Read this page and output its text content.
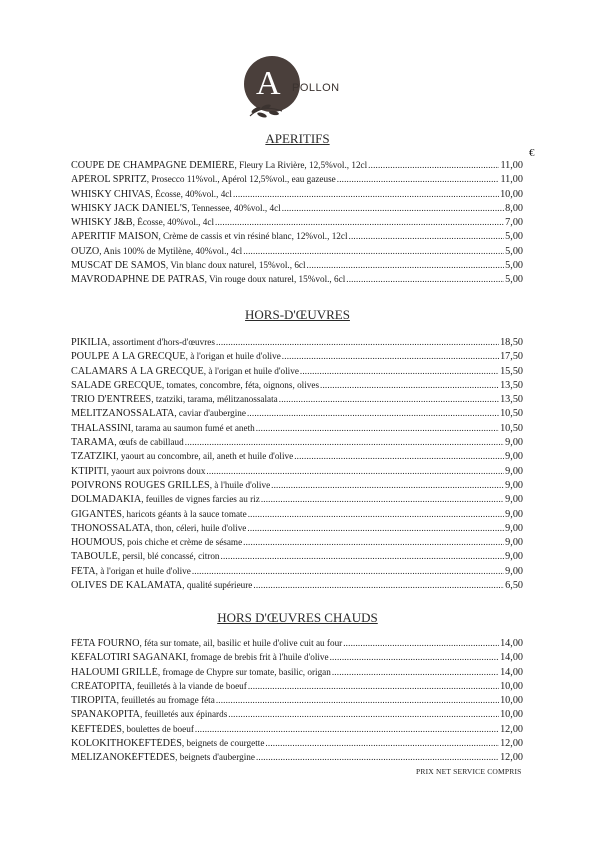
A POLLON
APERITIFS
€
COUPE DE CHAMPAGNE DEMIÈRE , Fleury La Rivière, 12,5%vol., 12cl .....	11,00
APÉROL SPRITZ , Prosecco 11%vol., Apérol 12,5%vol., eau gazeuse .....	11,00
WHISKY CHIVAS , Écosse, 40%vol., 4cl .....	10,00
WHISKY JACK DANIEL'S , Tennessee, 40%vol., 4cl .....	8,00
WHISKY J&B , Écosse, 40%vol., 4cl .....	7,00
APERITIF MAISON , Crème de cassis et vin résiné blanc, 12%vol., 12cl .....	5,00
OUZO , Anis 100% de Mytilène, 40%vol., 4cl .....	5,00
MUSCAT DE SAMOS , Vin blanc doux naturel, 15%vol., 6cl .....	5,00
MAVRODAPHNE DE PATRAS , Vin rouge doux naturel, 15%vol., 6cl .....	5,00
HORS-D'ŒUVRES
PIKILIA , assortiment d'hors-d'œuvres .....	18,50
POULPE À LA GRECQUE , à l'origan et huile d'olive .....	17,50
CALAMARS À LA GRECQUE , à l'origan et huile d'olive .....	15,50
SALADE GRECQUE , tomates, concombre, féta, oignons, olives .....	13,50
TRIO D'ENTRÉES , tzatziki, tarama, mélitzanossalata .....	13,50
MÉLITZANOSSALATA , caviar d'aubergine .....	10,50
THALASSINI , tarama au saumon fumé et aneth .....	10,50
TARAMA , œufs de cabillaud .....	9,00
TZATZIKI , yaourt au concombre, ail, aneth et huile d'olive .....	9,00
KTIPITI , yaourt aux poivrons doux .....	9,00
POIVRONS ROUGES GRILLÉS , à l'huile d'olive .....	9,00
DOLMADAKIA , feuilles de vignes farcies au riz .....	9,00
GIGANTÈS , haricots géants à la sauce tomate .....	9,00
THONOSSALATA , thon, céleri, huile d'olive .....	9,00
HOUMOUS , pois chiche et crème de sésame .....	9,00
TABOULÉ , persil, blé concassé, citron .....	9,00
FÉTA , à l'origan et huile d'olive .....	9,00
OLIVES DE KALAMATA , qualité supérieure .....	6,50
HORS D'ŒUVRES CHAUDS
FÉTA FOURNO , féta sur tomate, ail, basilic et huile d'olive cuit au four .....	14,00
KÉFALOTIRI SAGANAKI , fromage de brebis frit à l'huile d'olive .....	14,00
HALOUMI GRILLÉ , fromage de Chypre sur tomate, basilic, origan .....	14,00
CRÉATOPITA , feuilletés à la viande de boeuf .....	10,00
TIROPITA , feuilletés au fromage féta .....	10,00
SPANAKOPITA , feuilletés aux épinards .....	10,00
KÉFTÉDÈS , boulettes de boeuf .....	12,00
KOLOKITHOKÉFTÉDÈS , beignets de courgette .....	12,00
MÉLIZANOKÉFTÉDÈS , beignets d'aubergine .....	12,00
PRIX NET SERVICE COMPRIS
